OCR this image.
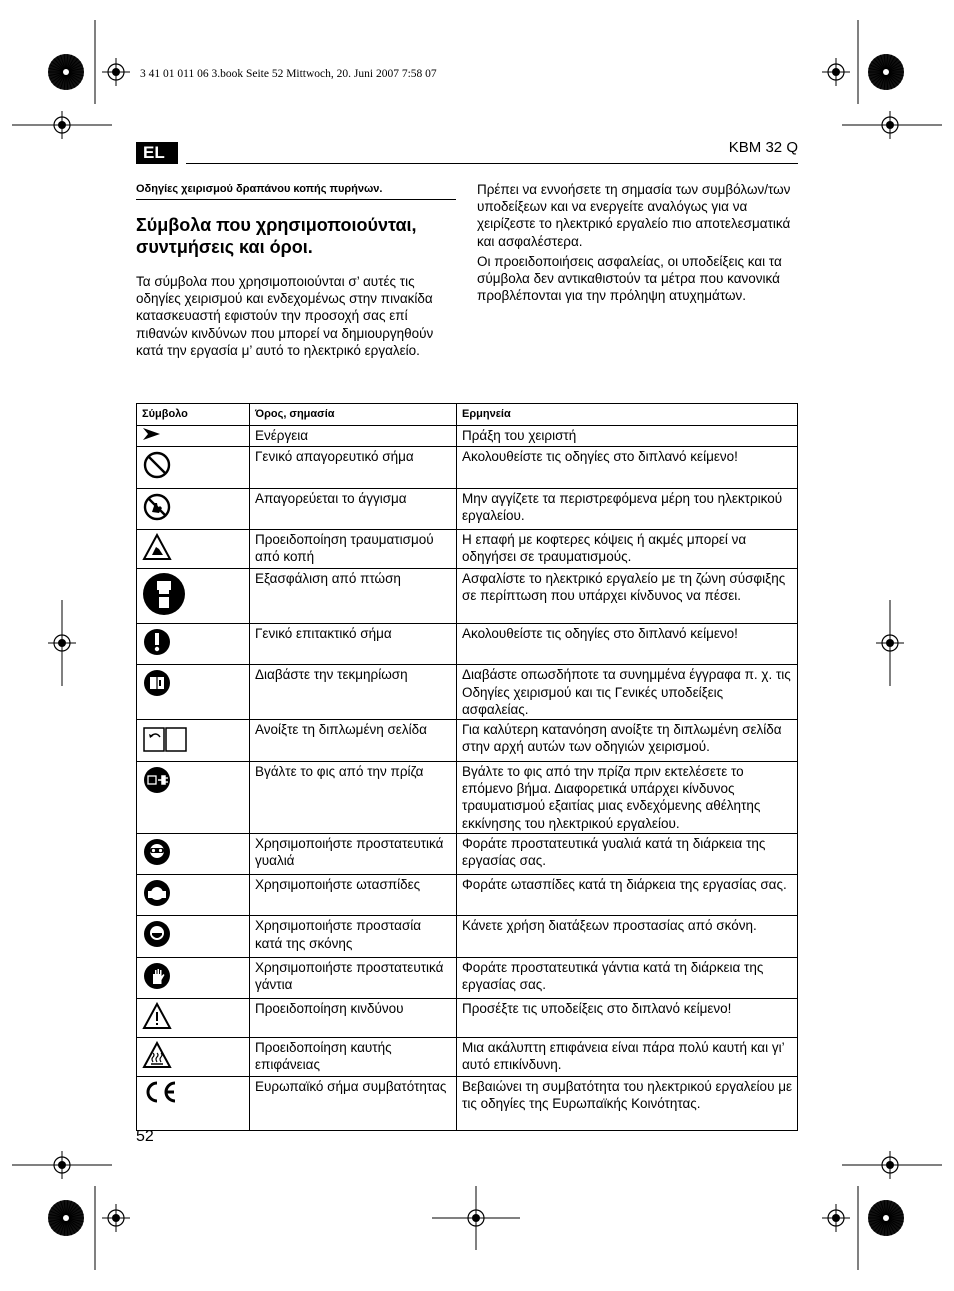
3 41 01 011 06 3.book Seite 52 Mittwoch, 20. Juni 2007 7:58 07
EL	KBM 32 Q
Οδηγίες χειρισμού δραπάνου κοπής πυρήνων.
Σύμβολα που χρησιμοποιούνται, συντμήσεις και όροι.
Τα σύμβολα που χρησιμοποιούνται σ’ αυτές τις οδηγίες χειρισμού και ενδεχομένως στην πινακίδα κατασκευαστή εφιστούν την προσοχή σας επί πιθανών κινδύνων που μπορεί να δημιουργηθούν κατά την εργασία μ’ αυτό το ηλεκτρικό εργαλείο.
Πρέπει να εννοήσετε τη σημασία των συμβόλων/των υποδείξεων και να ενεργείτε αναλόγως για να χειρίζεστε το ηλεκτρικό εργαλείο πιο αποτελεσματικά και ασφαλέστερα.
Οι προειδοποιήσεις ασφαλείας, οι υποδείξεις και τα σύμβολα δεν αντικαθιστούν τα μέτρα που κανονικά προβλέπονται για την πρόληψη ατυχημάτων.
Σύμβολο	Όρος, σημασία	Ερμηνεία

	Ενέργεια	Πράξη του χειριστή

	Γενικό απαγορευτικό σήμα	Ακολουθείστε τις οδηγίες στο διπλανό κείμενο!

	Απαγορεύεται το άγγισμα	Μην αγγίζετε τα περιστρεφόμενα μέρη του ηλεκτρικού εργαλείου.

	Προειδοποίηση τραυματισμού από κοπή	Η επαφή με κοφτερες κόψεις ή ακμές μπορεί να οδηγήσει σε τραυματισμούς.

	Εξασφάλιση από πτώση	Ασφαλίστε το ηλεκτρικό εργαλείο με τη ζώνη σύσφιξης σε περίπτωση που υπάρχει κίνδυνος να πέσει.

	Γενικό επιτακτικό σήμα	Ακολουθείστε τις οδηγίες στο διπλανό κείμενο!

	Διαβάστε την τεκμηρίωση	Διαβάστε οπωσδήποτε τα συνημμένα έγγραφα π. χ. τις Οδηγίες χειρισμού και τις Γενικές υποδείξεις ασφαλείας.

	Ανοίξτε τη διπλωμένη σελίδα	Για καλύτερη κατανόηση ανοίξτε τη διπλωμένη σελίδα στην αρχή αυτών των οδηγιών χειρισμού.

	Βγάλτε το φις από την πρίζα	Βγάλτε το φις από την πρίζα πριν εκτελέσετε το επόμενο βήμα. Διαφορετικά υπάρχει κίνδυνος τραυματισμού εξαιτίας μιας ενδεχόμενης αθέλητης εκκίνησης του ηλεκτρικού εργαλείου.

	Χρησιμοποιήστε προστατευτικά γυαλιά	Φοράτε προστατευτικά γυαλιά κατά τη διάρκεια της εργασίας σας.

	Χρησιμοποιήστε ωτασπίδες	Φοράτε ωτασπίδες κατά τη διάρκεια της εργασίας σας.

	Χρησιμοποιήστε προστασία κατά της σκόνης	Κάνετε χρήση διατάξεων προστασίας από σκόνη.

	Χρησιμοποιήστε προστατευτικά γάντια	Φοράτε προστατευτικά γάντια κατά τη διάρκεια της εργασίας σας.

	Προειδοποίηση κινδύνου	Προσέξτε τις υποδείξεις στο διπλανό κείμενο!

	Προειδοποίηση καυτής επιφάνειας	Μια ακάλυπτη επιφάνεια είναι πάρα πολύ καυτή και γι’ αυτό επικίνδυνη.

	Ευρωπαϊκό σήμα συμβατότητας	Βεβαιώνει τη συμβατότητα του ηλεκτρικού εργαλείου με τις οδηγίες της Ευρωπαϊκής Κοινότητας.
52
